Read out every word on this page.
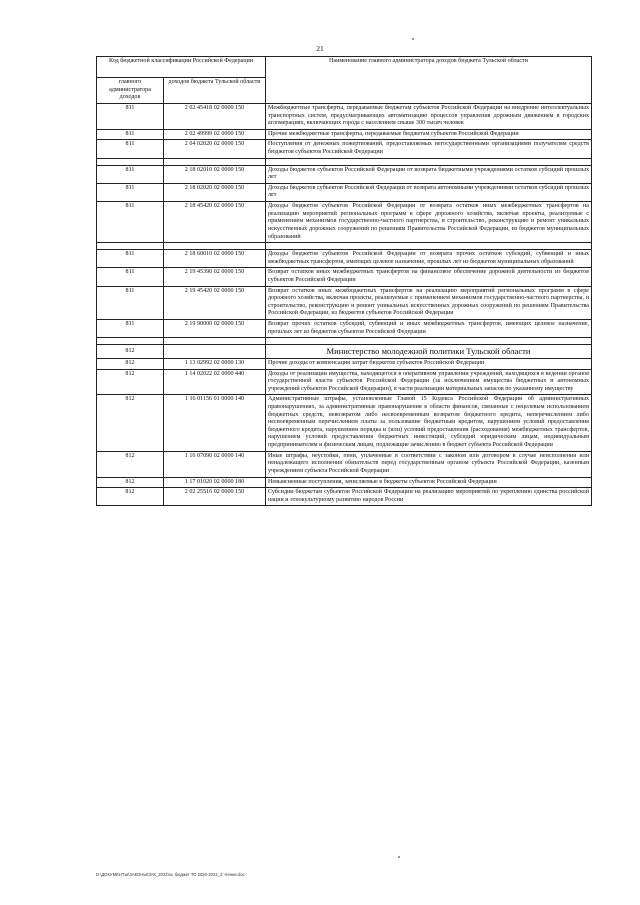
21
Код бюджетной классификации Российской Федерации		Наименование главного администратора доходов бюджета Тульской области
главного администратора доходов	доходов бюджета Тульской области	
811	2 02 45418 02 0000 150	Межбюджетные трансферты, передаваемые бюджетам субъектов Российской Федерации на внедрение интеллектуальных транспортных систем, предусматривающих автоматизацию процессов управления дорожным движением в городских агломерациях, включающих города с населением свыше 300 тысяч человек
811	2 02 49999 02 0000 150	Прочие межбюджетные трансферты, передаваемые бюджетам субъектов Российской Федерации
811	2 04 02020 02 0000 150	Поступления от денежных пожертвований, предоставляемых негосударственными организациями получателям средств бюджетов субъектов Российской Федерации

811	2 18 02010 02 0000 150	Доходы бюджетов субъектов Российской Федерации от возврата бюджетными учреждениями остатков субсидий прошлых лет
811	2 18 02020 02 0000 150	Доходы бюджетов субъектов Российской Федерации от возврата автономными учреждениями остатков субсидий прошлых лет
811	2 18 45420 02 0000 150	Доходы бюджетов субъектов Российской Федерации от возврата остатков иных межбюджетных трансфертов на реализацию мероприятий региональных программ в сфере дорожного хозяйства, включая проекты, реализуемые с применением механизмов государственно-частного партнерства, и строительство, реконструкцию и ремонт уникальных искусственных дорожных сооружений по решениям Правительства Российской Федерации, из бюджетов муниципальных образований

811	2 18 60010 02 0000 150	Доходы бюджетов субъектов Российской Федерации от возврата прочих остатков субсидий, субвенций и иных межбюджетных трансфертов, имеющих целевое назначение, прошлых лет из бюджетов муниципальных образований
811	2 19 45390 02 0000 150	Возврат остатков иных межбюджетных трансфертов на финансовое обеспечение дорожной деятельности из бюджетов субъектов Российской Федерации
811	2 19 45420 02 0000 150	Возврат остатков иных межбюджетных трансфертов на реализацию мероприятий региональных программ в сфере дорожного хозяйства, включая проекты, реализуемые с применением механизмов государственно-частного партнерства, и строительство, реконструкцию и ремонт уникальных искусственных дорожных сооружений по решениям Правительства Российской Федерации, из бюджетов субъектов Российской Федерации
811	2 19 90000 02 0000 150	Возврат прочих остатков субсидий, субвенций и иных межбюджетных трансфертов, имеющих целевое назначение, прошлых лет из бюджетов субъектов Российской Федерации

812		Министерство молодежной политики Тульской области
812	1 13 02992 02 0000 130	Прочие доходы от компенсации затрат бюджетов субъектов Российской Федерации
812	1 14 02022 02 0000 440	Доходы от реализации имущества, находящегося в оперативном управлении учреждений, находящихся в ведении органов государственной власти субъектов Российской Федерации (за исключением имущества бюджетных и автономных учреждений субъектов Российской Федерации), в части реализации материальных запасов по указанному имуществу
812	1 16 01156 01 0000 140	Административные штрафы, установленные Главой 15 Кодекса Российской Федерации об административных правонарушениях, за административные правонарушения в области финансов, связанные с нецелевым использованием бюджетных средств, невозвратом либо несвоевременным возвратом бюджетного кредита, неперечислением либо несвоевременным перечислением платы за пользование бюджетным кредитом, нарушением условий предоставления бюджетного кредита, нарушением порядка и (или) условий предоставления (расходования) межбюджетных трансфертов, нарушением условий предоставления бюджетных инвестиций, субсидий юридическим лицам, индивидуальным предпринимателям и физическим лицам, подлежащие зачислению в бюджет субъекта Российской Федерации
812	1 16 07090 02 0000 140	Иные штрафы, неустойки, пени, уплаченные в соответствии с законом или договором в случае неисполнения или ненадлежащего исполнения обязательств перед государственным органом субъекта Российской Федерации, казенным учреждением субъекта Российской Федерации
812	1 17 01020 02 0000 180	Невыясненные поступления, зачисляемые в бюджеты субъектов Российской Федерации
812	2 02 25516 02 0000 150	Субсидии бюджетам субъектов Российской Федерации на реализацию мероприятий по укреплению единства российской нации и этнокультурному развитию народов России
D:\ДОКУМЕНТЫ\ЗАКОНЫ\ЗАК_2022\зз. бюджет ТО 2020-2022_2 чтение.doc
